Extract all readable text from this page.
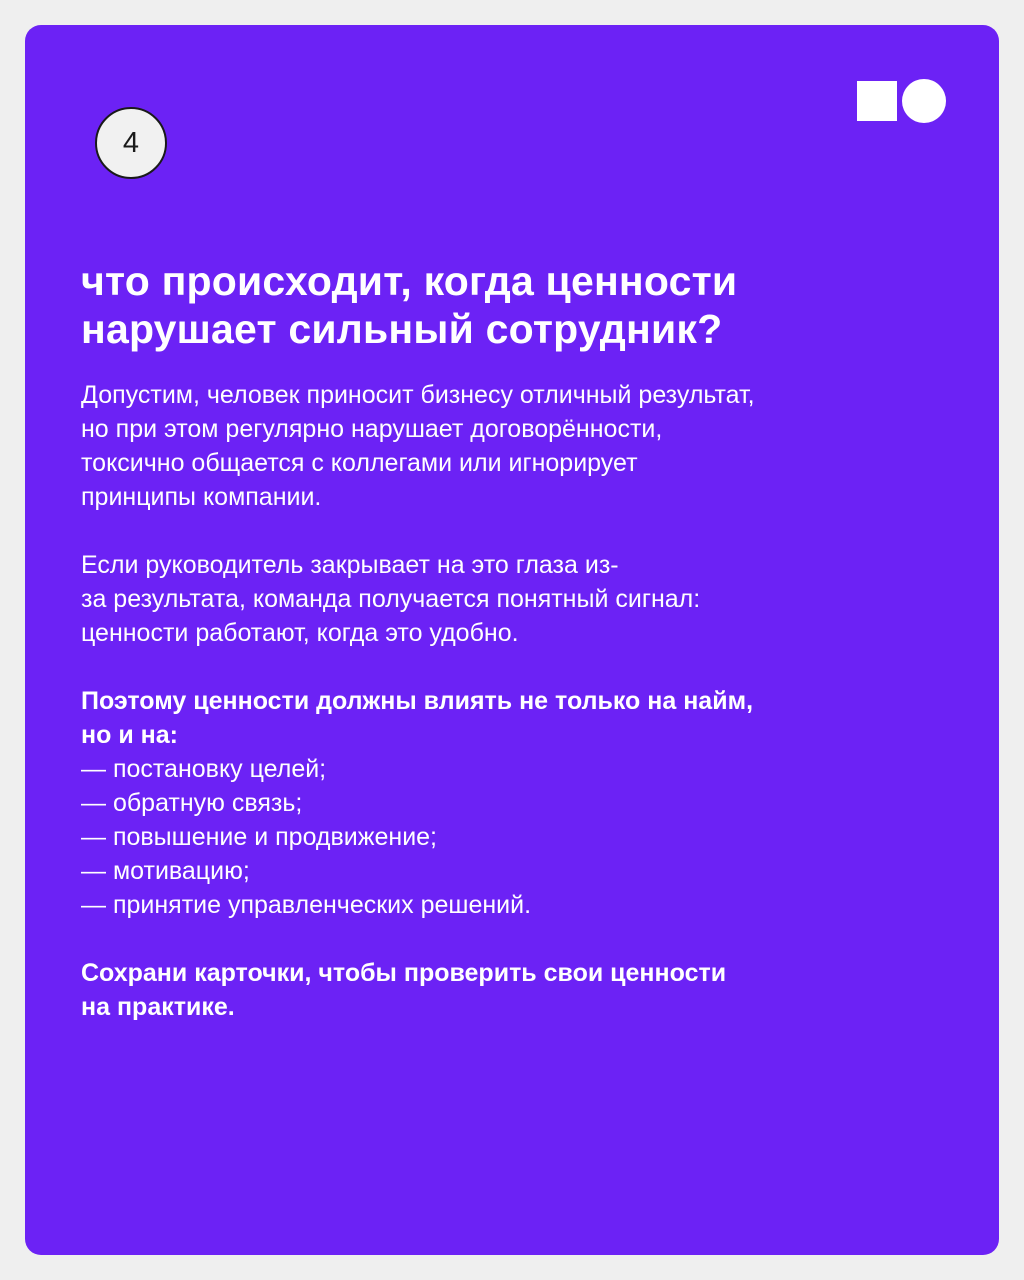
4
что происходит, когда ценности
нарушает сильный сотрудник?

Допустим, человек приносит бизнесу отличный результат,
но при этом регулярно нарушает договорённости,
токсично общается с коллегами или игнорирует
принципы компании.

Если руководитель закрывает на это глаза из-
за результата, команда получается понятный сигнал:
ценности работают, когда это удобно.

Поэтому ценности должны влиять не только на найм,
но и на:
— постановку целей;
— обратную связь;
— повышение и продвижение;
— мотивацию;
— принятие управленческих решений.

Сохрани карточки, чтобы проверить свои ценности
на практике.
